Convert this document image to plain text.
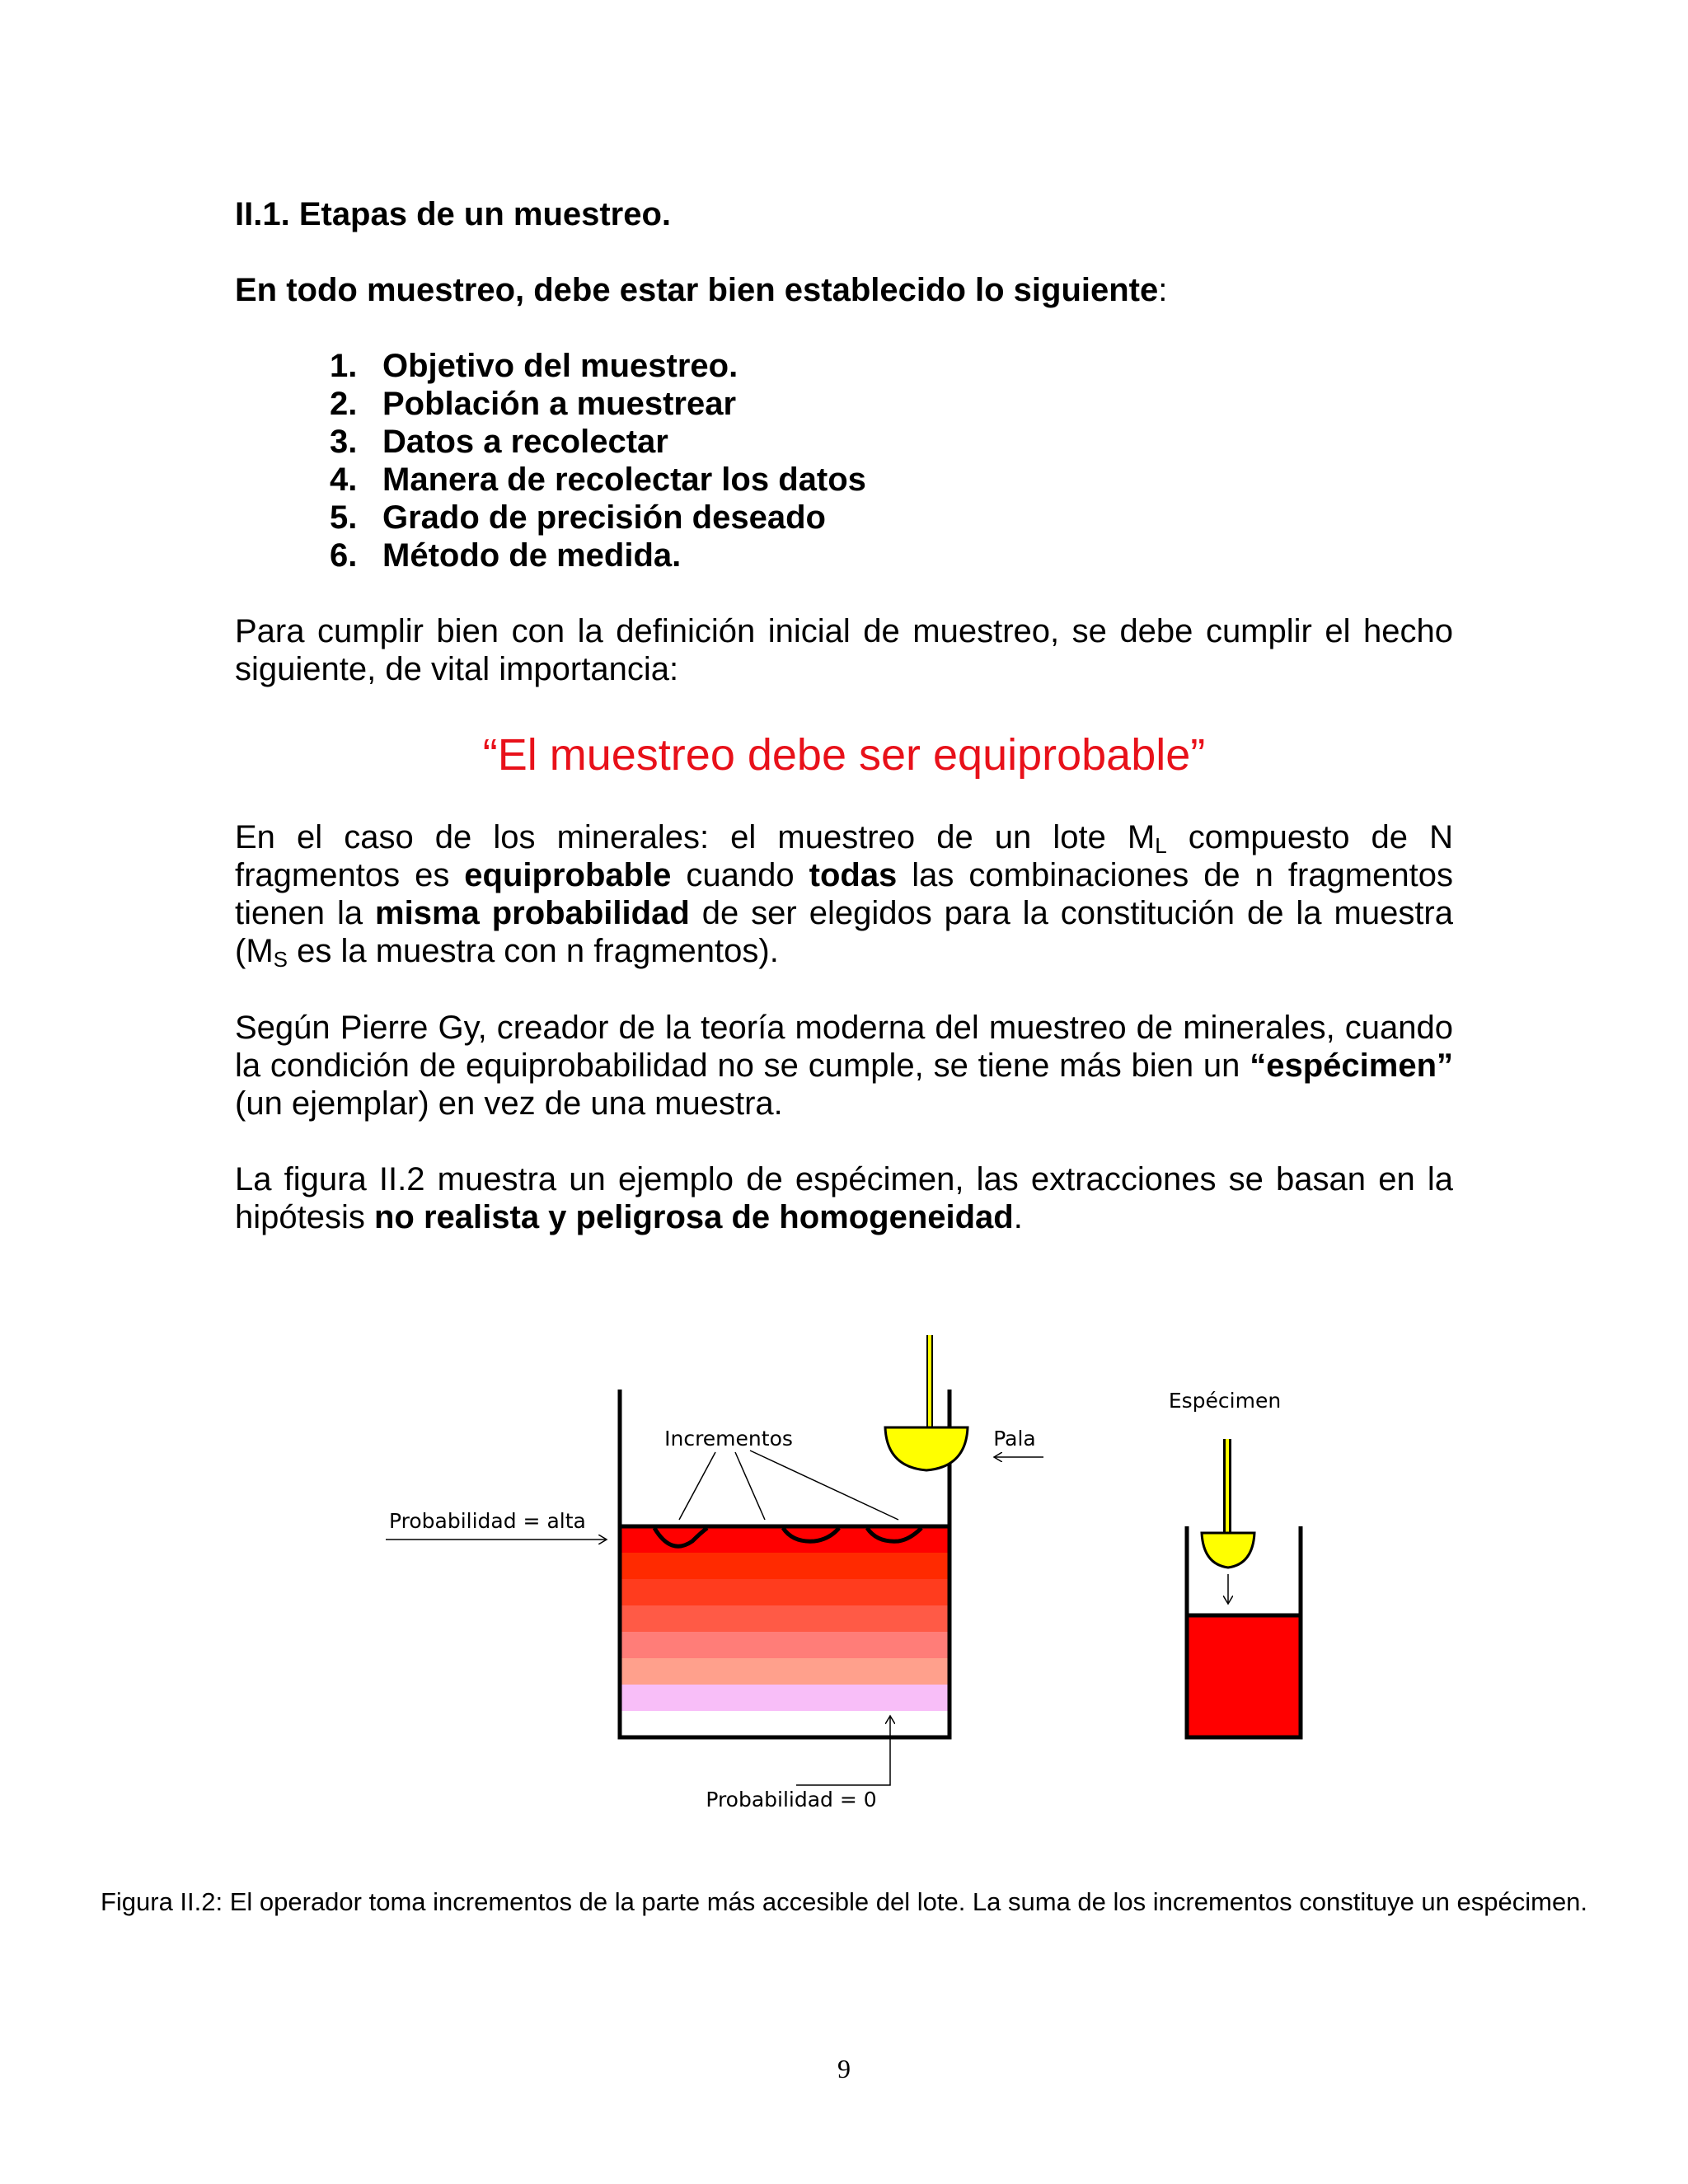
II.1. Etapas de un muestreo.
En todo muestreo, debe estar bien establecido lo siguiente:
1. Objetivo del muestreo.
2. Población a muestrear
3. Datos a recolectar
4. Manera de recolectar los datos
5. Grado de precisión deseado
6. Método de medida.
Para cumplir bien con la definición inicial de muestreo, se debe cumplir el hecho siguiente, de vital importancia:
“El muestreo debe ser equiprobable”
En el caso de los minerales: el muestreo de un lote $M_L$ compuesto de N fragmentos es equiprobable cuando todas las combinaciones de n fragmentos tienen la misma probabilidad de ser elegidos para la constitución de la muestra ($M_S$ es la muestra con n fragmentos).
Según Pierre Gy, creador de la teoría moderna del muestreo de minerales, cuando la condición de equiprobabilidad no se cumple, se tiene más bien un “espécimen” (un ejemplar) en vez de una muestra.
La figura II.2 muestra un ejemplo de espécimen, las extracciones se basan en la hipótesis no realista y peligrosa de homogeneidad.
Incrementos	Pala
Probabilidad = alta
Probabilidad = 0
Espécimen
Figura II.2: El operador toma incrementos de la parte más accesible del lote. La suma de los incrementos constituye un espécimen.
9
